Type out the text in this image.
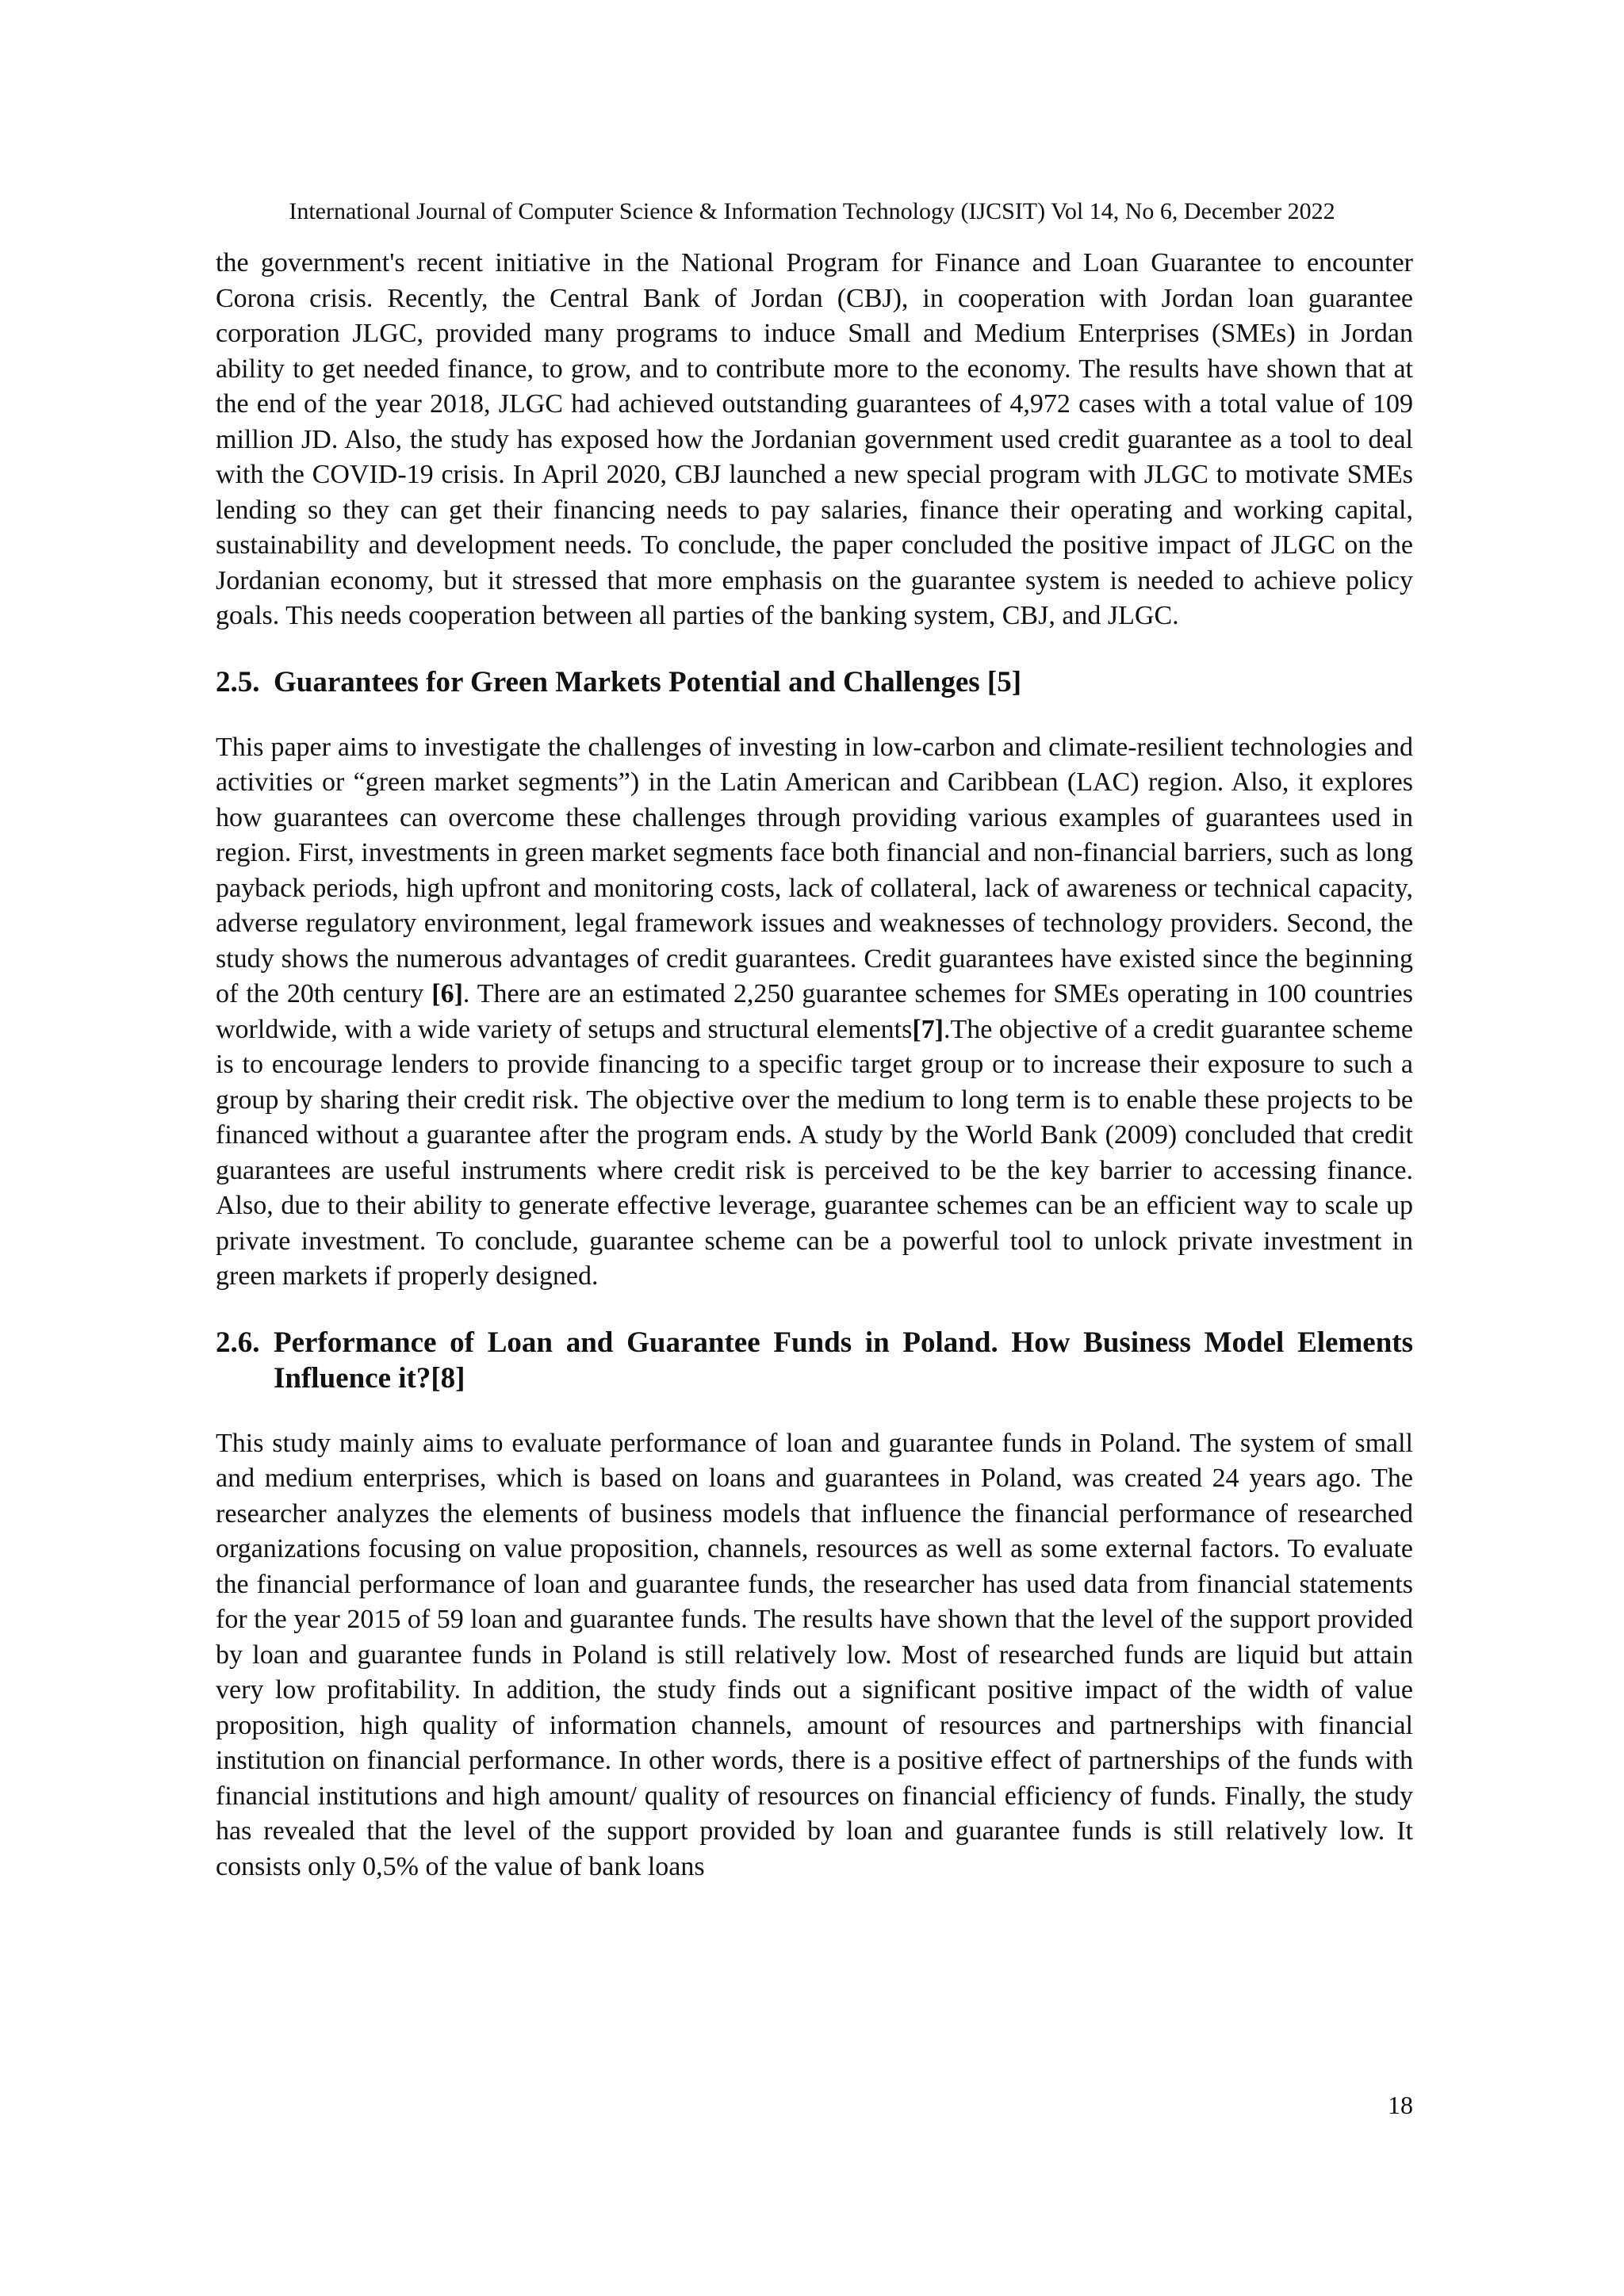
International Journal of Computer Science & Information Technology (IJCSIT) Vol 14, No 6, December 2022

the government's recent initiative in the National Program for Finance and Loan Guarantee to encounter Corona crisis. Recently, the Central Bank of Jordan (CBJ), in cooperation with Jordan loan guarantee corporation JLGC, provided many programs to induce Small and Medium Enterprises (SMEs) in Jordan ability to get needed finance, to grow, and to contribute more to the economy. The results have shown that at the end of the year 2018, JLGC had achieved outstanding guarantees of 4,972 cases with a total value of 109 million JD. Also, the study has exposed how the Jordanian government used credit guarantee as a tool to deal with the COVID-19 crisis. In April 2020, CBJ launched a new special program with JLGC to motivate SMEs lending so they can get their financing needs to pay salaries, finance their operating and working capital, sustainability and development needs. To conclude, the paper concluded the positive impact of JLGC on the Jordanian economy, but it stressed that more emphasis on the guarantee system is needed to achieve policy goals. This needs cooperation between all parties of the banking system, CBJ, and JLGC.

2.5. Guarantees for Green Markets Potential and Challenges [5]

This paper aims to investigate the challenges of investing in low-carbon and climate-resilient technologies and activities or “green market segments”) in the Latin American and Caribbean (LAC) region. Also, it explores how guarantees can overcome these challenges through providing various examples of guarantees used in region. First, investments in green market segments face both financial and non-financial barriers, such as long payback periods, high upfront and monitoring costs, lack of collateral, lack of awareness or technical capacity, adverse regulatory environment, legal framework issues and weaknesses of technology providers. Second, the study shows the numerous advantages of credit guarantees. Credit guarantees have existed since the beginning of the 20th century [6]. There are an estimated 2,250 guarantee schemes for SMEs operating in 100 countries worldwide, with a wide variety of setups and structural elements[7].The objective of a credit guarantee scheme is to encourage lenders to provide financing to a specific target group or to increase their exposure to such a group by sharing their credit risk. The objective over the medium to long term is to enable these projects to be financed without a guarantee after the program ends. A study by the World Bank (2009) concluded that credit guarantees are useful instruments where credit risk is perceived to be the key barrier to accessing finance. Also, due to their ability to generate effective leverage, guarantee schemes can be an efficient way to scale up private investment. To conclude, guarantee scheme can be a powerful tool to unlock private investment in green markets if properly designed.

2.6. Performance of Loan and Guarantee Funds in Poland. How Business Model Elements Influence it?[8]

This study mainly aims to evaluate performance of loan and guarantee funds in Poland. The system of small and medium enterprises, which is based on loans and guarantees in Poland, was created 24 years ago. The researcher analyzes the elements of business models that influence the financial performance of researched organizations focusing on value proposition, channels, resources as well as some external factors. To evaluate the financial performance of loan and guarantee funds, the researcher has used data from financial statements for the year 2015 of 59 loan and guarantee funds. The results have shown that the level of the support provided by loan and guarantee funds in Poland is still relatively low. Most of researched funds are liquid but attain very low profitability. In addition, the study finds out a significant positive impact of the width of value proposition, high quality of information channels, amount of resources and partnerships with financial institution on financial performance. In other words, there is a positive effect of partnerships of the funds with financial institutions and high amount/ quality of resources on financial efficiency of funds. Finally, the study has revealed that the level of the support provided by loan and guarantee funds is still relatively low. It consists only 0,5% of the value of bank loans

18
